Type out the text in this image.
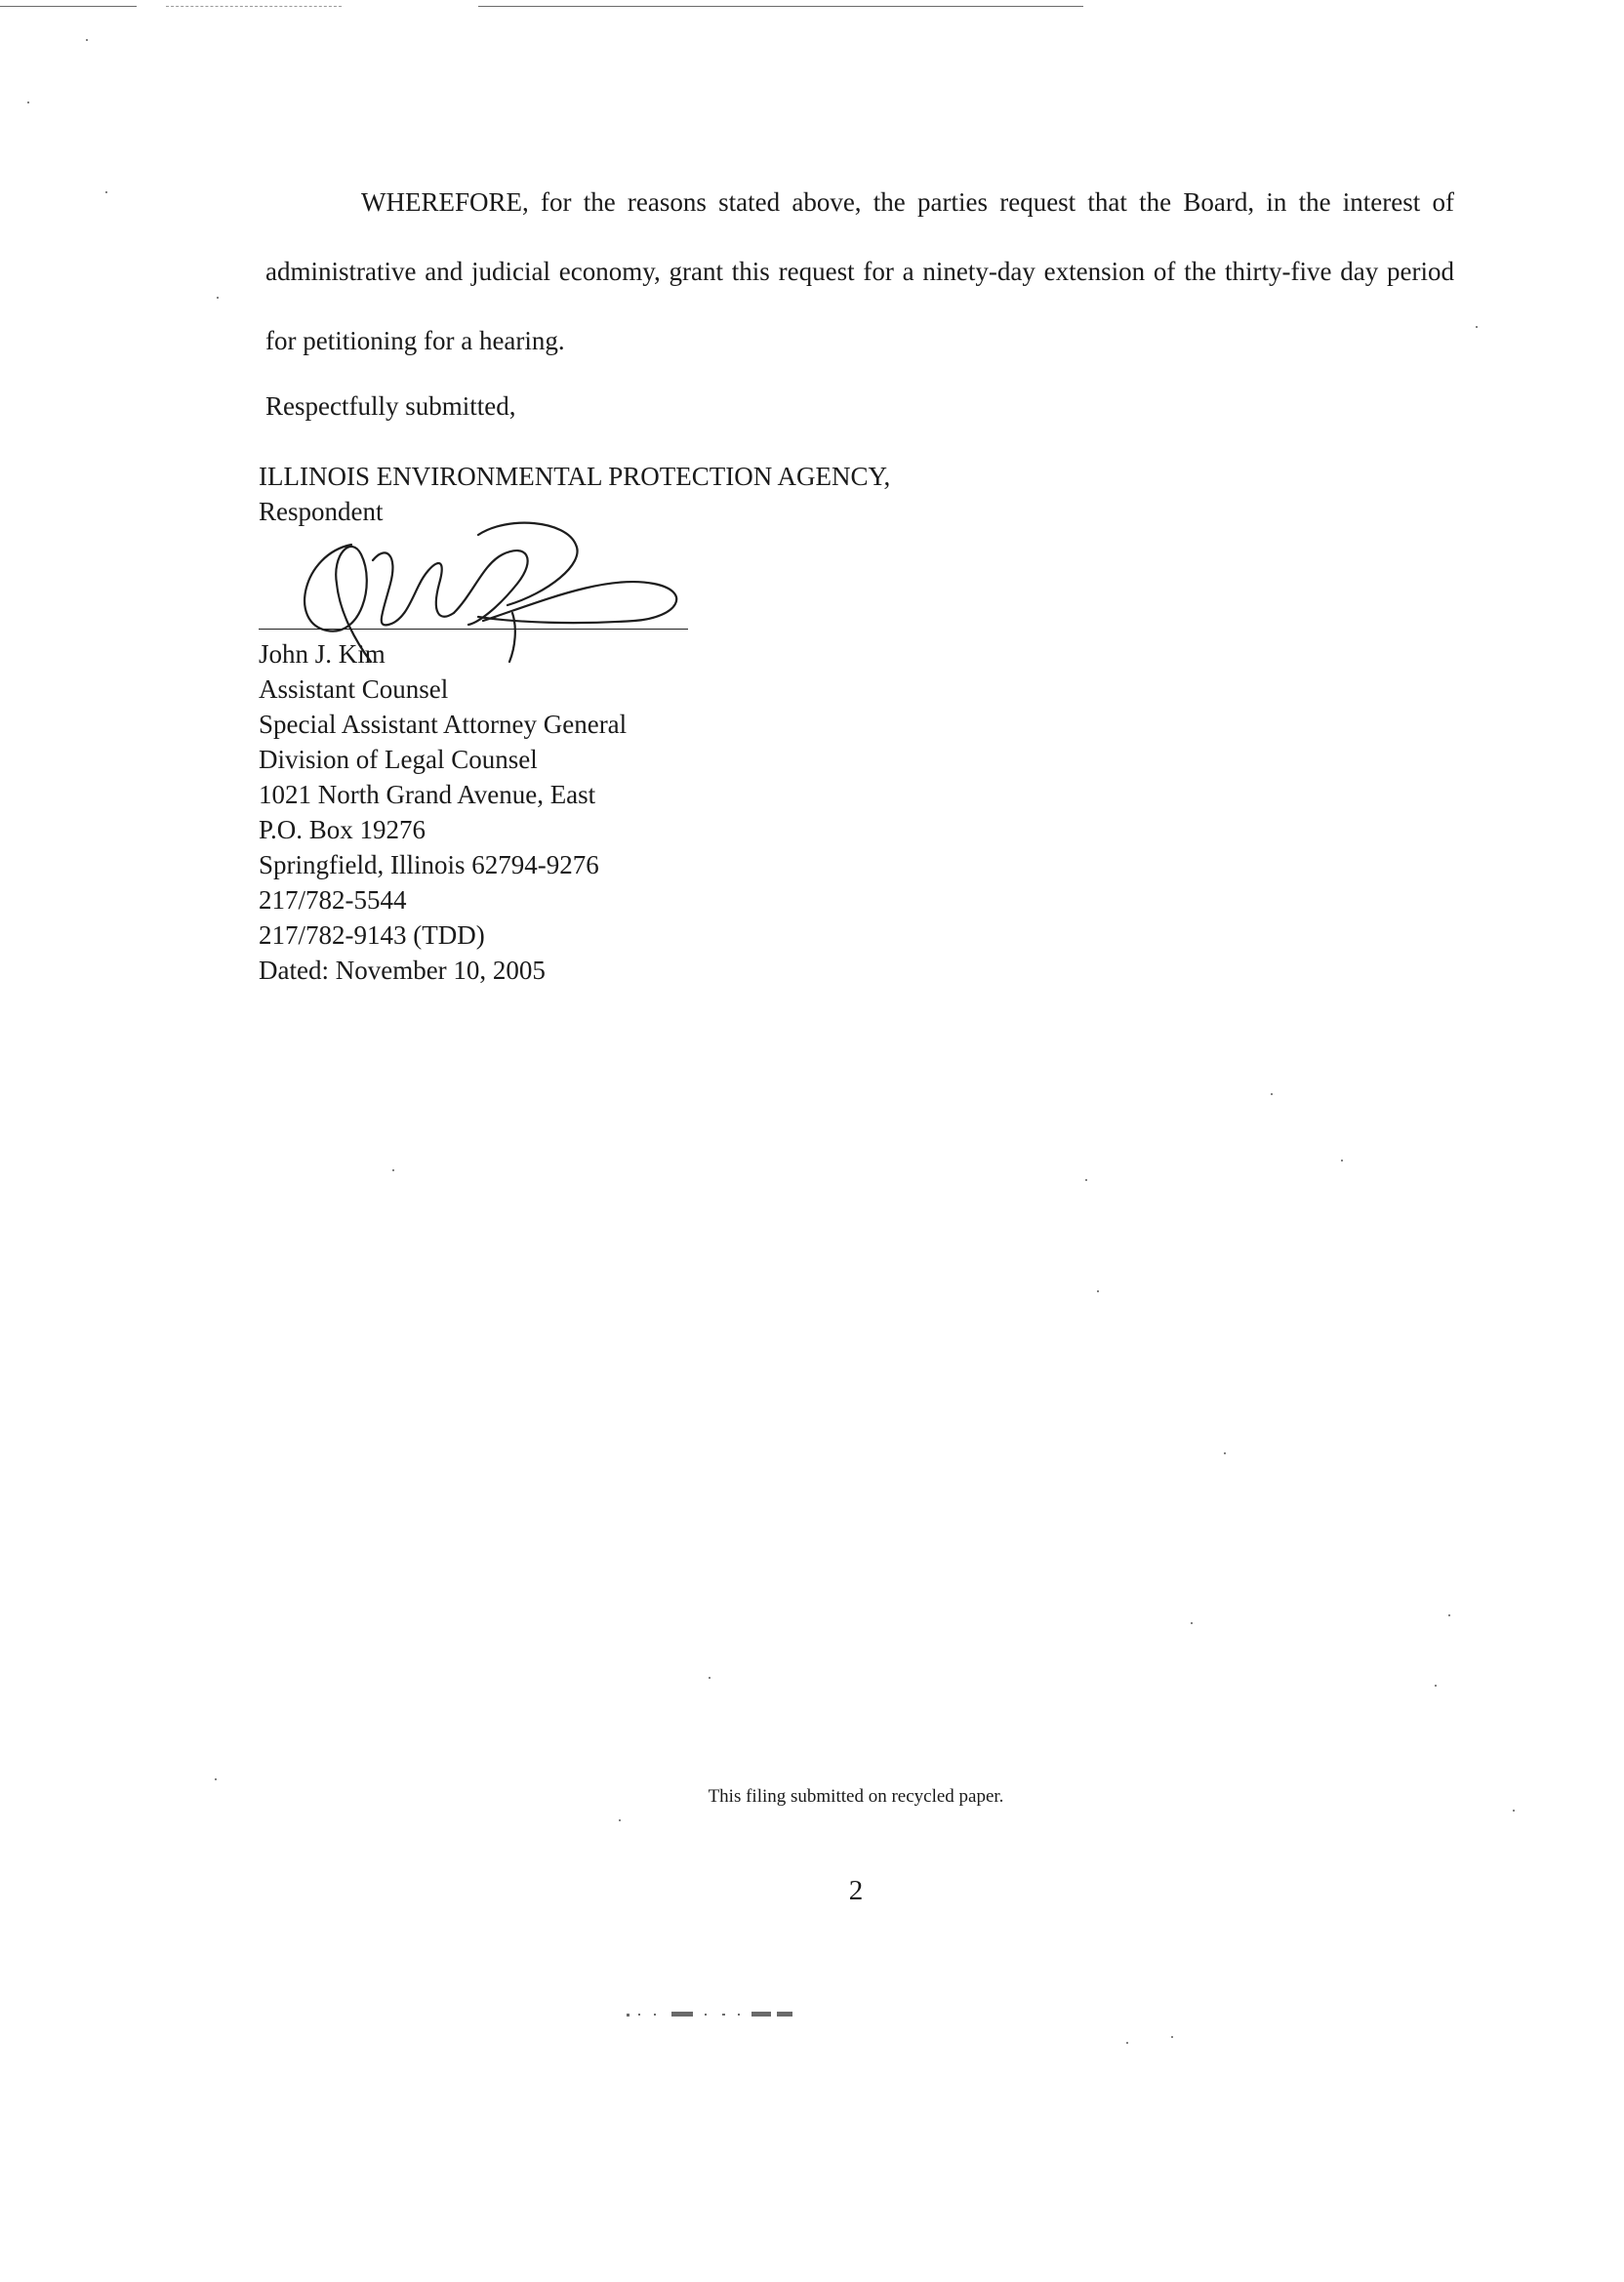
WHEREFORE, for the reasons stated above, the parties request that the Board, in the interest of administrative and judicial economy, grant this request for a ninety-day extension of the thirty-five day period for petitioning for a hearing.

Respectfully submitted,

ILLINOIS ENVIRONMENTAL PROTECTION AGENCY,
Respondent
John J. Kim
Assistant Counsel
Special Assistant Attorney General
Division of Legal Counsel
1021 North Grand Avenue, East
P.O. Box 19276
Springfield, Illinois 62794-9276
217/782-5544
217/782-9143 (TDD)
Dated: November 10, 2005
This filing submitted on recycled paper.
2
